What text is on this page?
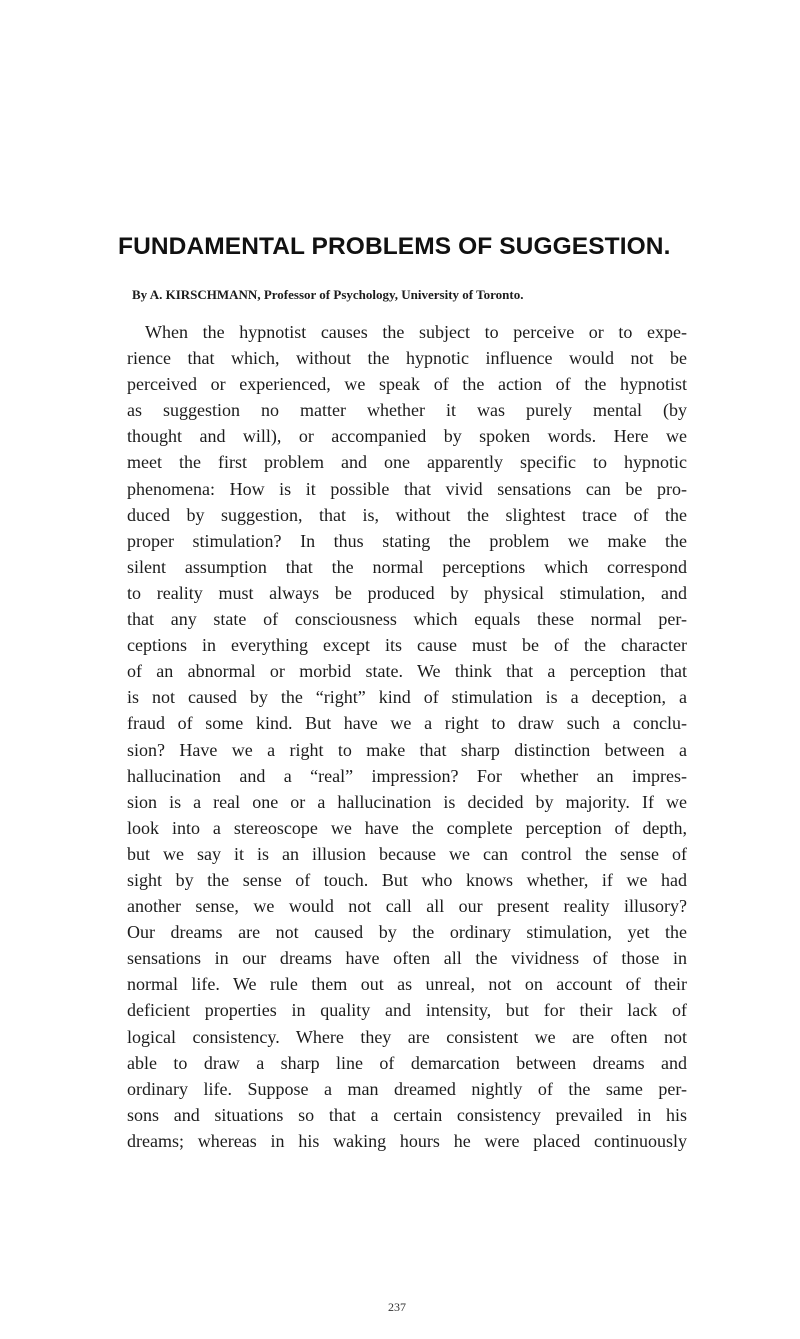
FUNDAMENTAL PROBLEMS OF SUGGESTION.
By A. KIRSCHMANN, Professor of Psychology, University of Toronto.
When the hypnotist causes the subject to perceive or to expe-
rience that which, without the hypnotic influence would not be
perceived or experienced, we speak of the action of the hypnotist
as suggestion no matter whether it was purely mental (by
thought and will), or accompanied by spoken words. Here we
meet the first problem and one apparently specific to hypnotic
phenomena: How is it possible that vivid sensations can be pro-
duced by suggestion, that is, without the slightest trace of the
proper stimulation? In thus stating the problem we make the
silent assumption that the normal perceptions which correspond
to reality must always be produced by physical stimulation, and
that any state of consciousness which equals these normal per-
ceptions in everything except its cause must be of the character
of an abnormal or morbid state. We think that a perception that
is not caused by the “right” kind of stimulation is a deception, a
fraud of some kind. But have we a right to draw such a conclu-
sion? Have we a right to make that sharp distinction between a
hallucination and a “real” impression? For whether an impres-
sion is a real one or a hallucination is decided by majority. If we
look into a stereoscope we have the complete perception of depth,
but we say it is an illusion because we can control the sense of
sight by the sense of touch. But who knows whether, if we had
another sense, we would not call all our present reality illusory?
Our dreams are not caused by the ordinary stimulation, yet the
sensations in our dreams have often all the vividness of those in
normal life. We rule them out as unreal, not on account of their
deficient properties in quality and intensity, but for their lack of
logical consistency. Where they are consistent we are often not
able to draw a sharp line of demarcation between dreams and
ordinary life. Suppose a man dreamed nightly of the same per-
sons and situations so that a certain consistency prevailed in his
dreams; whereas in his waking hours he were placed continuously
237
